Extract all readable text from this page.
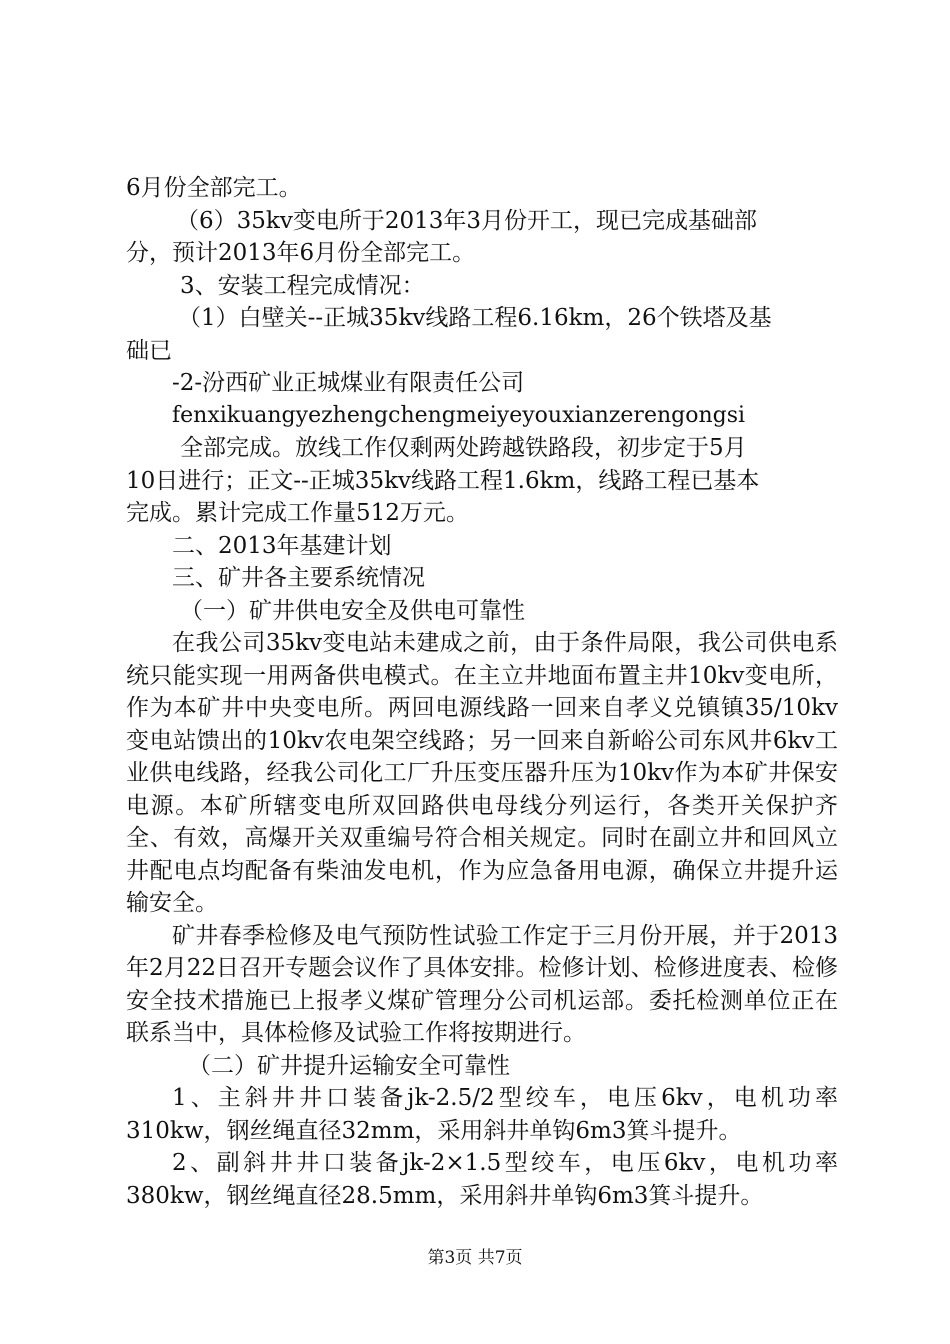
6月份全部完工。
（6）35kv变电所于2013年3月份开工，现已完成基础部
分，预计2013年6月份全部完工。
3、安装工程完成情况：
（1）白壁关--正城35kv线路工程6.16km，26个铁塔及基
础已
-2-汾西矿业正城煤业有限责任公司
fenxikuangyezhengchengmeiyeyouxianzerengongsi
全部完成。放线工作仅剩两处跨越铁路段，初步定于5月
10日进行；正文--正城35kv线路工程1.6km，线路工程已基本
完成。累计完成工作量512万元。
二、2013年基建计划
三、矿井各主要系统情况
（一）矿井供电安全及供电可靠性
在我公司35kv变电站未建成之前，由于条件局限，我公司供电系统只能实现一用两备供电模式。在主立井地面布置主井10kv变电所，作为本矿井中央变电所。两回电源线路一回来自孝义兑镇镇35/10kv变电站馈出的10kv农电架空线路；另一回来自新峪公司东风井6kv工业供电线路，经我公司化工厂升压变压器升压为10kv作为本矿井保安电源。本矿所辖变电所双回路供电母线分列运行，各类开关保护齐全、有效，高爆开关双重编号符合相关规定。同时在副立井和回风立井配电点均配备有柴油发电机，作为应急备用电源，确保立井提升运输安全。
矿井春季检修及电气预防性试验工作定于三月份开展，并于2013年2月22日召开专题会议作了具体安排。检修计划、检修进度表、检修安全技术措施已上报孝义煤矿管理分公司机运部。委托检测单位正在联系当中，具体检修及试验工作将按期进行。
（二）矿井提升运输安全可靠性
1、主斜井井口装备jk-2.5/2型绞车，电压6kv，电机功率310kw，钢丝绳直径32mm，采用斜井单钩6m3箕斗提升。
2、副斜井井口装备jk-2×1.5型绞车，电压6kv，电机功率380kw，钢丝绳直径28.5mm，采用斜井单钩6m3箕斗提升。
第3页 共7页
